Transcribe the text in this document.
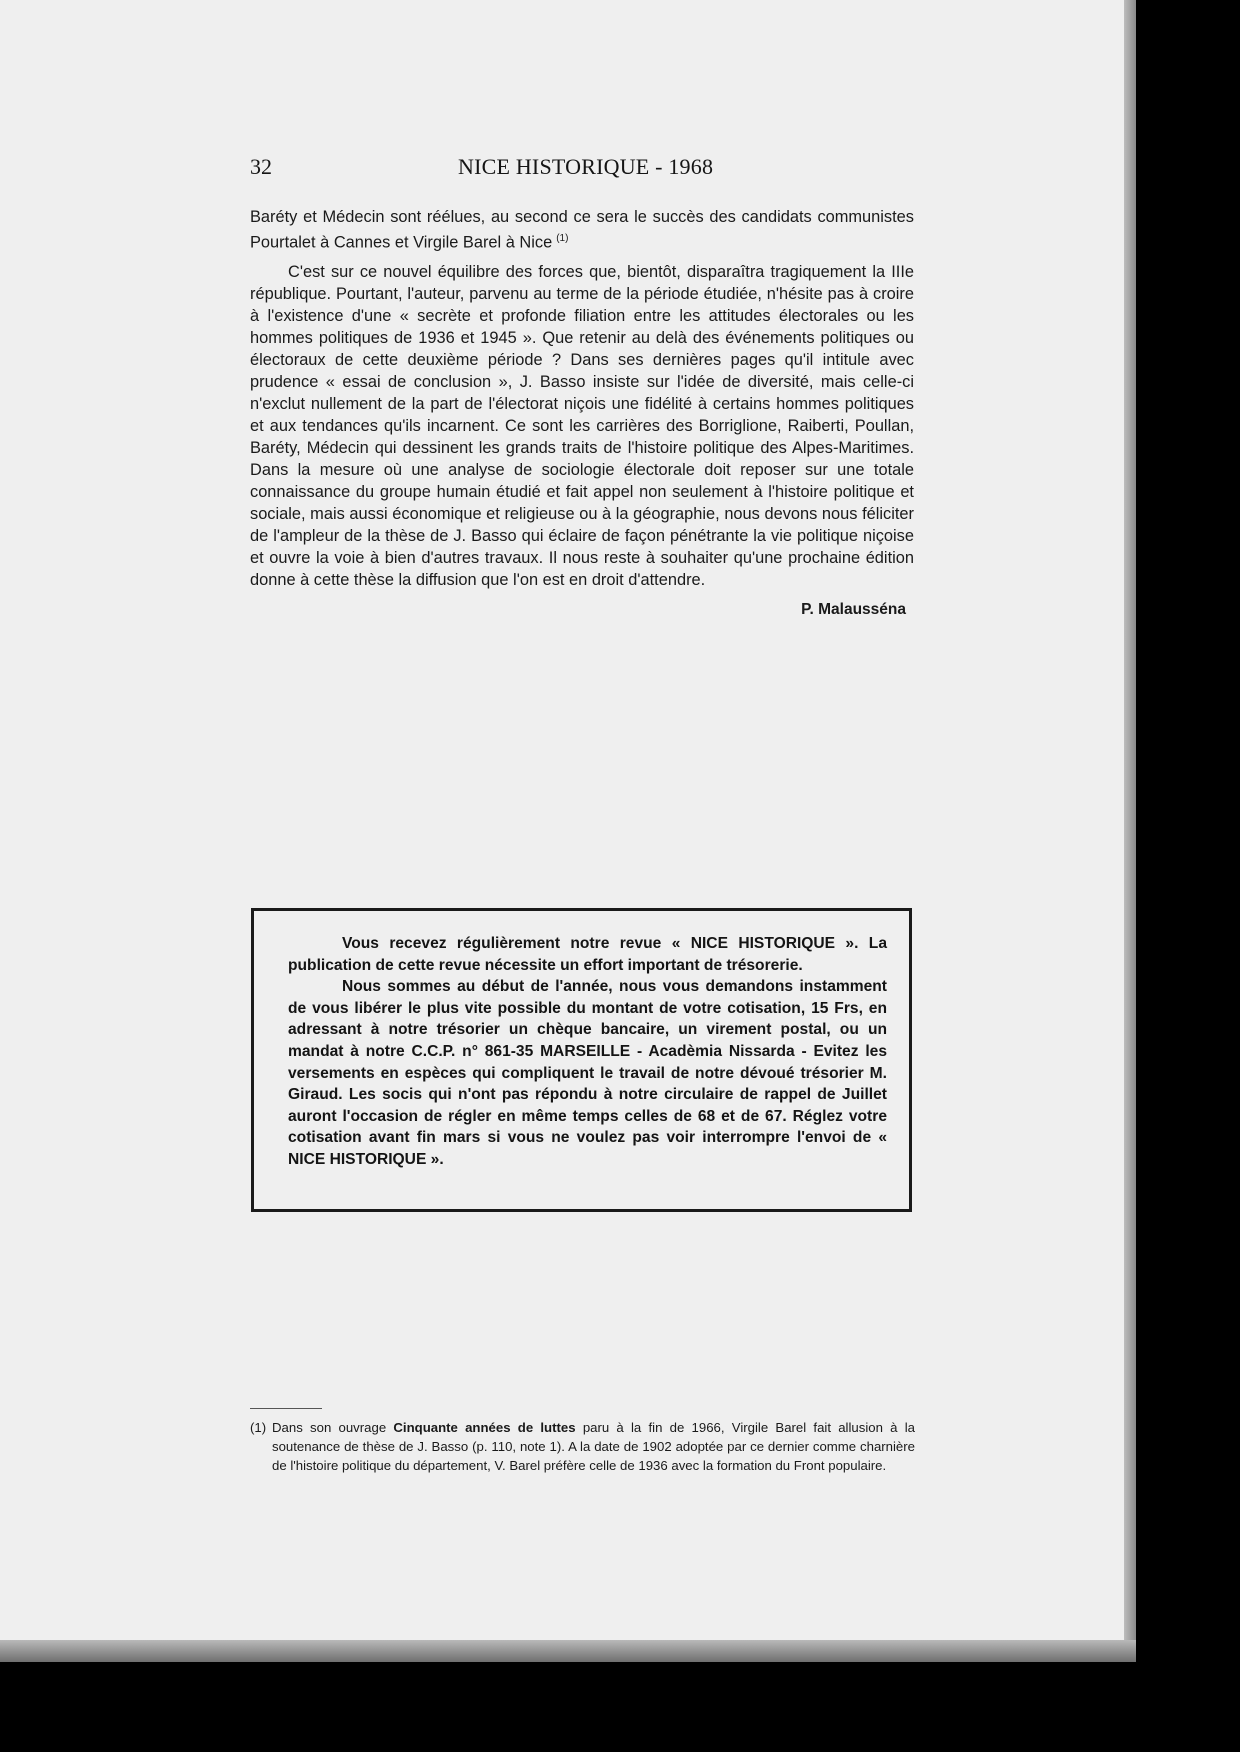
32	NICE HISTORIQUE - 1968

Baréty et Médecin sont réélues, au second ce sera le succès des candidats communistes Pourtalet à Cannes et Virgile Barel à Nice $^{(1)}$

C'est sur ce nouvel équilibre des forces que, bientôt, disparaîtra tragiquement la IIIe république. Pourtant, l'auteur, parvenu au terme de la période étudiée, n'hésite pas à croire à l'existence d'une « secrète et profonde filiation entre les attitudes électorales ou les hommes politiques de 1936 et 1945 ». Que retenir au delà des événements politiques ou électoraux de cette deuxième période ? Dans ses dernières pages qu'il intitule avec prudence « essai de conclusion », J. Basso insiste sur l'idée de diversité, mais celle-ci n'exclut nullement de la part de l'électorat niçois une fidélité à certains hommes politiques et aux tendances qu'ils incarnent. Ce sont les carrières des Borriglione, Raiberti, Poullan, Baréty, Médecin qui dessinent les grands traits de l'histoire politique des Alpes-Maritimes. Dans la mesure où une analyse de sociologie électorale doit reposer sur une totale connaissance du groupe humain étudié et fait appel non seulement à l'histoire politique et sociale, mais aussi économique et religieuse ou à la géographie, nous devons nous féliciter de l'ampleur de la thèse de J. Basso qui éclaire de façon pénétrante la vie politique niçoise et ouvre la voie à bien d'autres travaux. Il nous reste à souhaiter qu'une prochaine édition donne à cette thèse la diffusion que l'on est en droit d'attendre.

P. Malausséna

Vous recevez régulièrement notre revue « NICE HISTORIQUE ». La publication de cette revue nécessite un effort important de trésorerie.

Nous sommes au début de l'année, nous vous demandons instamment de vous libérer le plus vite possible du montant de votre cotisation, 15 Frs, en adressant à notre trésorier un chèque bancaire, un virement postal, ou un mandat à notre C.C.P. n° 861-35 MARSEILLE - Acadèmia Nissarda - Evitez les versements en espèces qui compliquent le travail de notre dévoué trésorier M. Giraud. Les socis qui n'ont pas répondu à notre circulaire de rappel de Juillet auront l'occasion de régler en même temps celles de 68 et de 67. Réglez votre cotisation avant fin mars si vous ne voulez pas voir interrompre l'envoi de « NICE HISTORIQUE ».

(1) Dans son ouvrage Cinquante années de luttes paru à la fin de 1966, Virgile Barel fait allusion à la soutenance de thèse de J. Basso (p. 110, note 1). A la date de 1902 adoptée par ce dernier comme charnière de l'histoire politique du département, V. Barel préfère celle de 1936 avec la formation du Front populaire.
